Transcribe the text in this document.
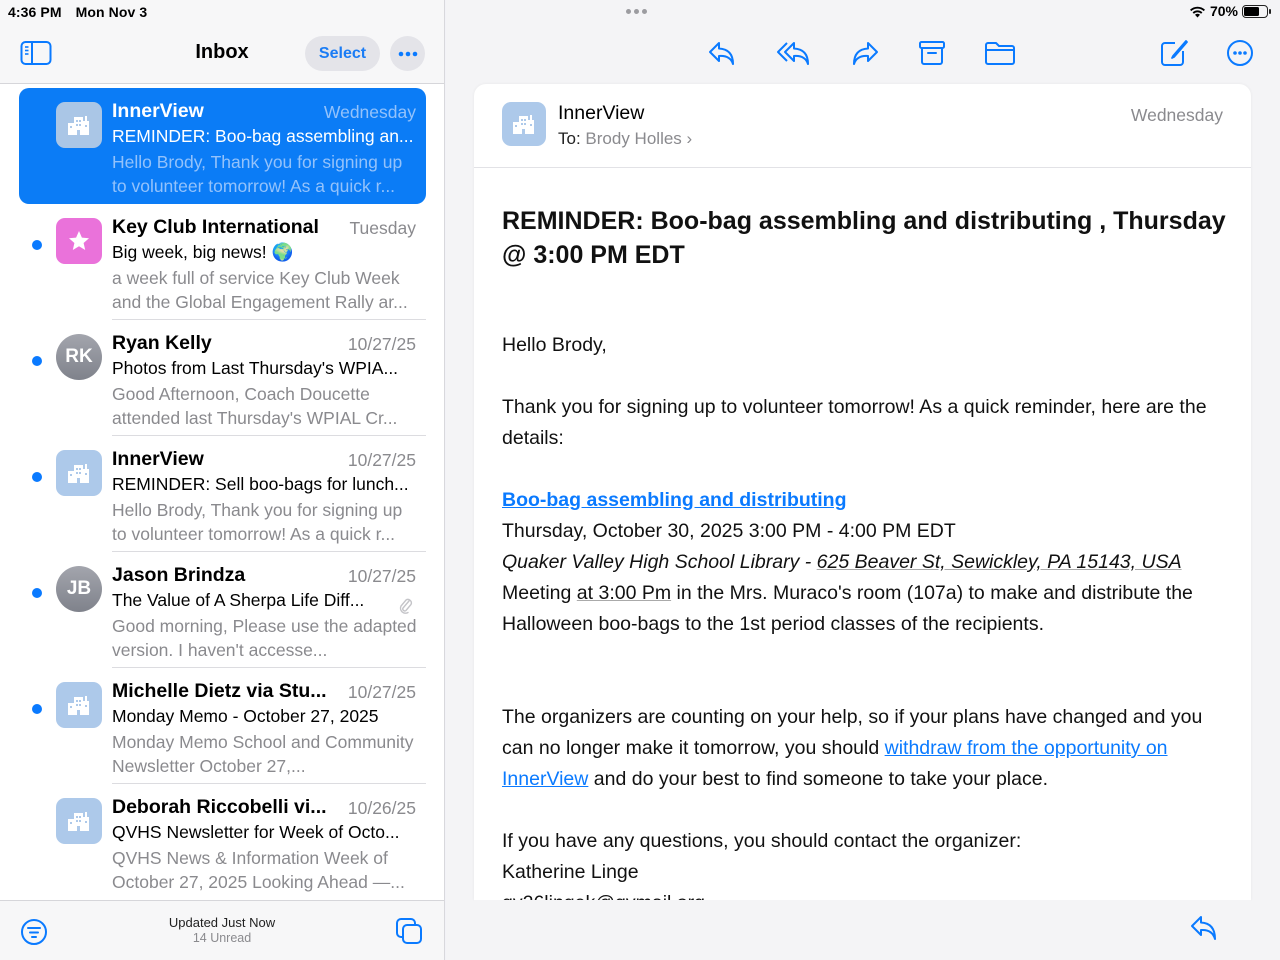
4:36 PM Mon Nov 3
Inbox	Select
InnerView	Wednesday
REMINDER: Boo-bag assembling an...
Hello Brody, Thank you for signing up to volunteer tomorrow! As a quick r...
Key Club International Tuesday
Big week, big news! 🌍
a week full of service Key Club Week and the Global Engagement Rally ar...
RK
Ryan Kelly	10/27/25
Photos from Last Thursday's WPIA...
Good Afternoon, Coach Doucette attended last Thursday's WPIAL Cr...
InnerView	10/27/25
REMINDER: Sell boo-bags for lunch...
Hello Brody, Thank you for signing up to volunteer tomorrow! As a quick r...
JB
Jason Brindza	10/27/25
The Value of A Sherpa Life Diff...
Good morning, Please use the adapted version. I haven't accesse...
Michelle Dietz via Stu... 10/27/25
Monday Memo - October 27, 2025
Monday Memo School and Community Newsletter October 27,...
Deborah Riccobelli vi... 10/26/25
QVHS Newsletter for Week of Octo...
QVHS News & Information Week of October 27, 2025 Looking Ahead —...
Updated Just Now
14 Unread
70%
InnerView
To: Brody Holles ›
Wednesday
REMINDER: Boo-bag assembling and distributing , Thursday @ 3:00 PM EDT

Hello Brody,

Thank you for signing up to volunteer tomorrow! As a quick reminder, here are the details:

Boo-bag assembling and distributing

Thursday, October 30, 2025 3:00 PM - 4:00 PM EDT

Quaker Valley High School Library - 625 Beaver St, Sewickley, PA 15143, USA

Meeting at 3:00 Pm in the Mrs. Muraco's room (107a) to make and distribute the Halloween boo-bags to the 1st period classes of the recipients.

The organizers are counting on your help, so if your plans have changed and you can no longer make it tomorrow, you should withdraw from the opportunity on InnerView and do your best to find someone to take your place.

If you have any questions, you should contact the organizer:

Katherine Linge
